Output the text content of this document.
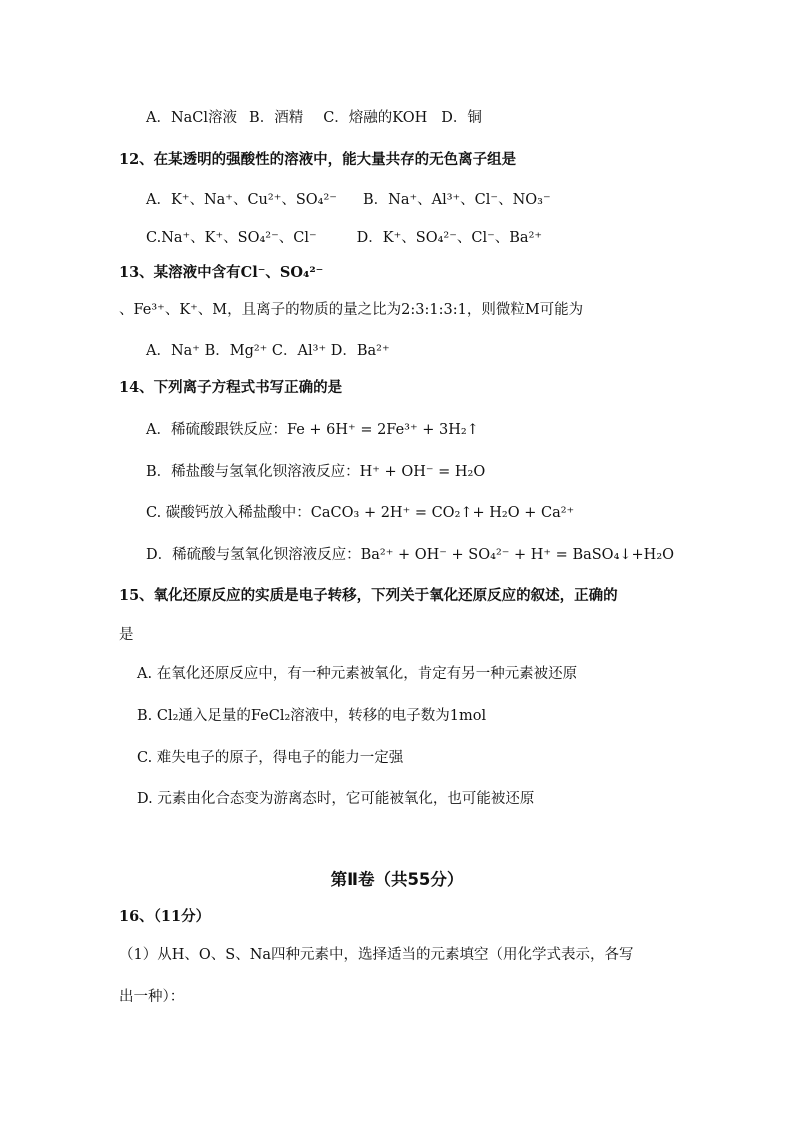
A．NaCl溶液 B．酒精 C．熔融的KOH D．铜
12、在某透明的强酸性的溶液中，能大量共存的无色离子组是
A．K⁺、Na⁺、Cu²⁺、SO₄²⁻ B．Na⁺、Al³⁺、Cl⁻、NO₃⁻
C.Na⁺、K⁺、SO₄²⁻、Cl⁻	D．K⁺、SO₄²⁻、Cl⁻、Ba²⁺
13、某溶液中含有Cl⁻、SO₄²⁻
、Fe³⁺、K⁺、M，且离子的物质的量之比为2:3:1:3:1，则微粒M可能为
A．Na⁺ B．Mg²⁺ C．Al³⁺ D．Ba²⁺
14、下列离子方程式书写正确的是
A．稀硫酸跟铁反应：Fe + 6H⁺ = 2Fe³⁺ + 3H₂↑
B．稀盐酸与氢氧化钡溶液反应：H⁺ + OH⁻ = H₂O
C. 碳酸钙放入稀盐酸中：CaCO₃ + 2H⁺ = CO₂↑+ H₂O + Ca²⁺
D．稀硫酸与氢氧化钡溶液反应：Ba²⁺ + OH⁻ + SO₄²⁻ + H⁺ = BaSO₄↓+H₂O
15、氧化还原反应的实质是电子转移，下列关于氧化还原反应的叙述，正确的
是
A. 在氧化还原反应中，有一种元素被氧化，肯定有另一种元素被还原
B. Cl₂通入足量的FeCl₂溶液中，转移的电子数为1mol
C. 难失电子的原子，得电子的能力一定强
D. 元素由化合态变为游离态时，它可能被氧化，也可能被还原
第Ⅱ卷（共55分）
16、（11分）
（1）从H、O、S、Na四种元素中，选择适当的元素填空（用化学式表示，各写
出一种）：
